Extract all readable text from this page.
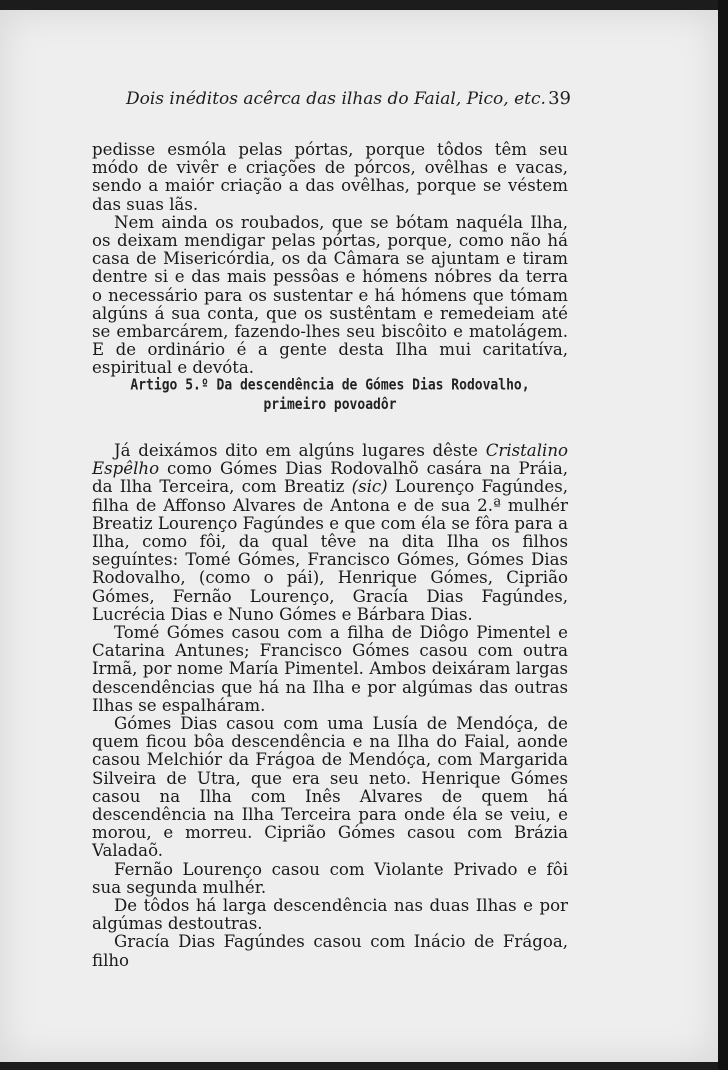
Dois inéditos acêrca das ilhas do Faial, Pico, etc. 39

pedisse esmóla pelas pórtas, porque tôdos têm seu módo de vivêr e criações de pórcos, ovêlhas e vacas, sendo a maiór criação a das ovêlhas, porque se véstem das suas lãs.

Nem ainda os roubados, que se bótam naquéla Ilha, os deixam mendigar pelas pórtas, porque, como não há casa de Misericórdia, os da Câmara se ajuntam e tiram dentre si e das mais pessôas e hómens nóbres da terra o necessário para os sustentar e há hómens que tómam algúns á sua conta, que os sustêntam e remedeiam até se embarcárem, fazendo-lhes seu biscôito e matolágem. E de ordinário é a gente desta Ilha mui caritatíva, espiritual e devóta.

Artigo 5.º Da descendência de Gómes Dias Rodovalho,
primeiro povoadôr

Já deixámos dito em algúns lugares dêste Cristalino Espêlho como Gómes Dias Rodovalhõ casára na Práia, da Ilha Terceira, com Breatiz (sic) Lourenço Fagúndes, filha de Affonso Alvares de Antona e de sua 2.ª mulhér Breatiz Lourenço Fagúndes e que com éla se fôra para a Ilha, como fôi, da qual têve na dita Ilha os filhos seguíntes: Tomé Gómes, Francisco Gómes, Gómes Dias Rodovalho, (como o pái), Henrique Gómes, Ciprião Gómes, Fernão Lourenço, Gracía Dias Fagúndes, Lucrécia Dias e Nuno Gómes e Bárbara Dias.

Tomé Gómes casou com a filha de Diôgo Pimentel e Catarina Antunes; Francisco Gómes casou com outra Irmã, por nome María Pimentel. Ambos deixáram largas descendências que há na Ilha e por algúmas das outras Ilhas se espalháram.

Gómes Dias casou com uma Lusía de Mendóça, de quem ficou bôa descendência e na Ilha do Faial, aonde casou Melchiór da Frágoa de Mendóça, com Margarida Silveira de Utra, que era seu neto. Henrique Gómes casou na Ilha com Inês Alvares de quem há descendência na Ilha Terceira para onde éla se veiu, e morou, e morreu. Ciprião Gómes casou com Brázia Valadaõ.

Fernão Lourenço casou com Violante Privado e fôi sua segunda mulhér.

De tôdos há larga descendência nas duas Ilhas e por algúmas destoutras.

Gracía Dias Fagúndes casou com Inácio de Frágoa, filho
